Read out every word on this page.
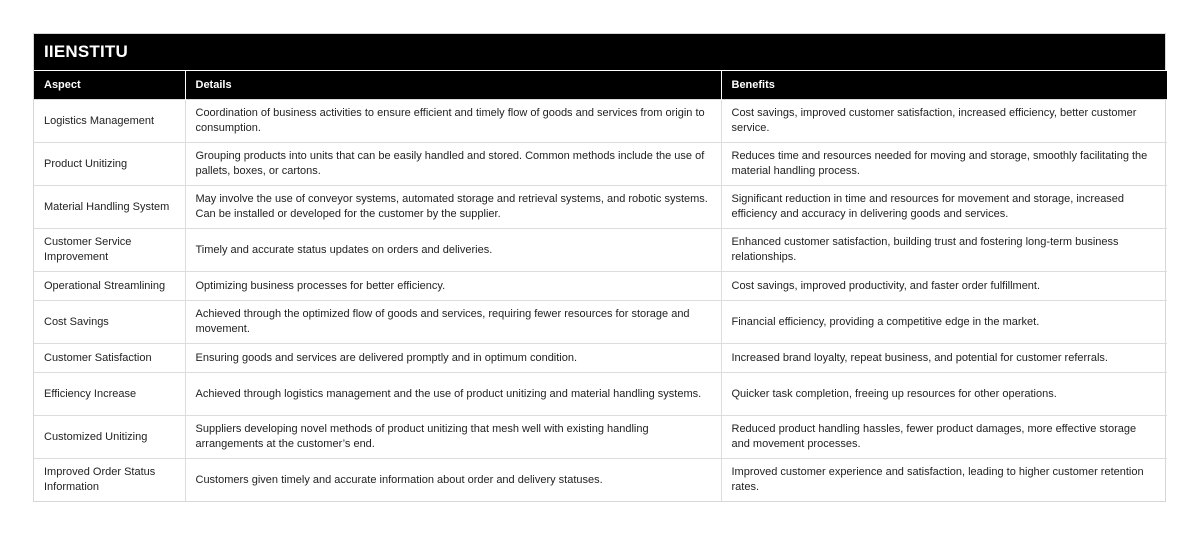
IIENSTITU
Aspect	Details	Benefits
Logistics Management	Coordination of business activities to ensure efficient and timely flow of goods and services from origin to consumption.	Cost savings, improved customer satisfaction, increased efficiency, better customer service.
Product Unitizing	Grouping products into units that can be easily handled and stored. Common methods include the use of pallets, boxes, or cartons.	Reduces time and resources needed for moving and storage, smoothly facilitating the material handling process.
Material Handling System	May involve the use of conveyor systems, automated storage and retrieval systems, and robotic systems. Can be installed or developed for the customer by the supplier.	Significant reduction in time and resources for movement and storage, increased efficiency and accuracy in delivering goods and services.
Customer Service Improvement	Timely and accurate status updates on orders and deliveries.	Enhanced customer satisfaction, building trust and fostering long-term business relationships.
Operational Streamlining	Optimizing business processes for better efficiency.	Cost savings, improved productivity, and faster order fulfillment.
Cost Savings	Achieved through the optimized flow of goods and services, requiring fewer resources for storage and movement.	Financial efficiency, providing a competitive edge in the market.
Customer Satisfaction	Ensuring goods and services are delivered promptly and in optimum condition.	Increased brand loyalty, repeat business, and potential for customer referrals.
Efficiency Increase	Achieved through logistics management and the use of product unitizing and material handling systems.	Quicker task completion, freeing up resources for other operations.
Customized Unitizing	Suppliers developing novel methods of product unitizing that mesh well with existing handling arrangements at the customer’s end.	Reduced product handling hassles, fewer product damages, more effective storage and movement processes.
Improved Order Status Information	Customers given timely and accurate information about order and delivery statuses.	Improved customer experience and satisfaction, leading to higher customer retention rates.
